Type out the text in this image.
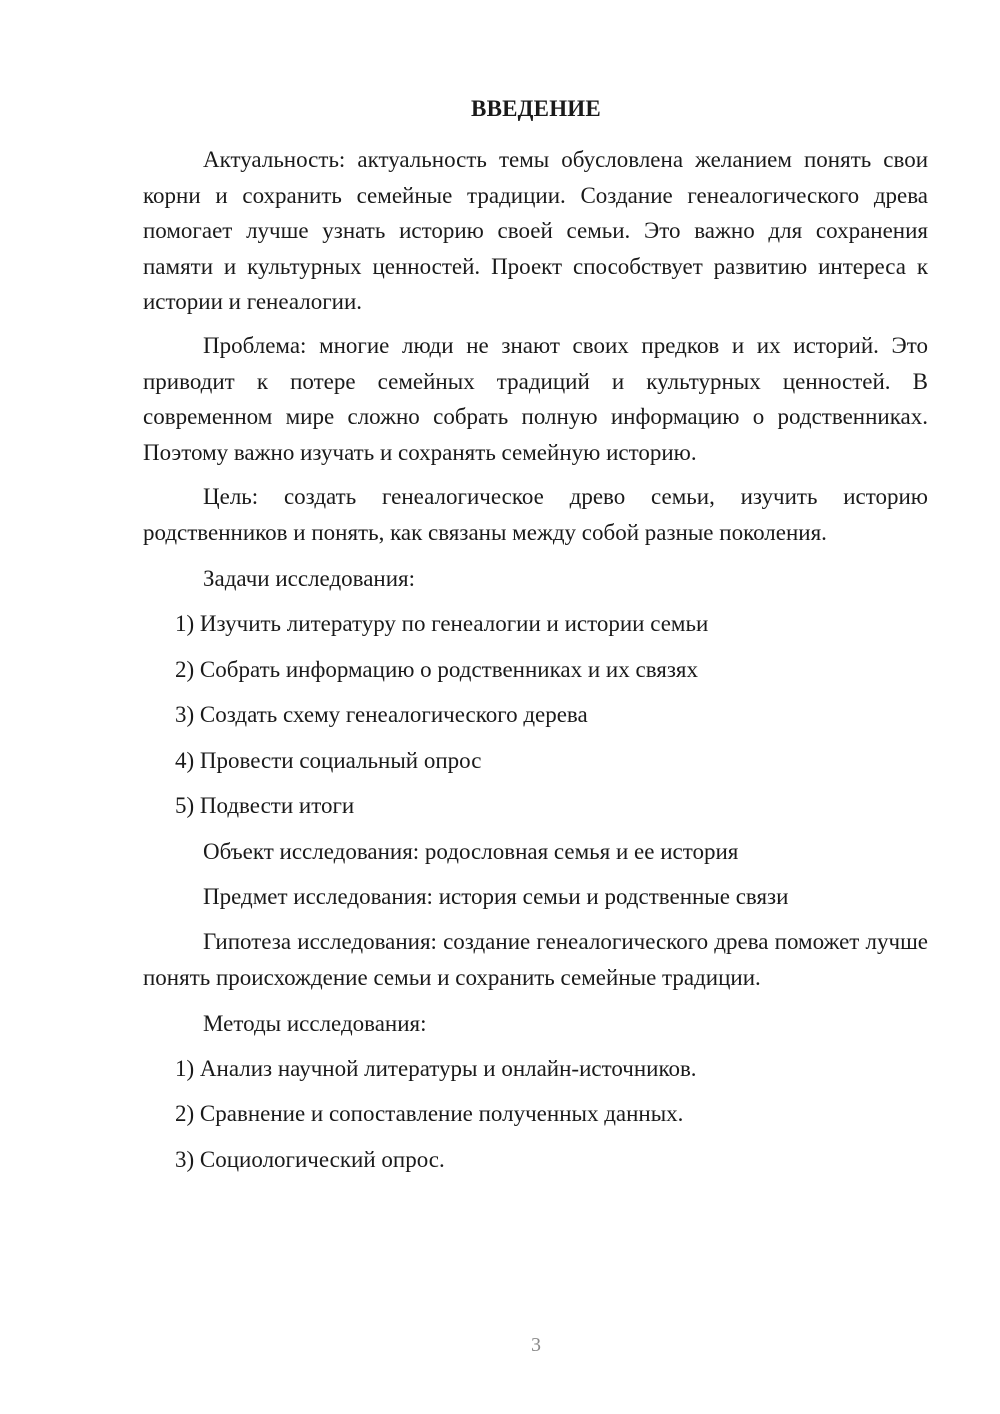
ВВЕДЕНИЕ

Актуальность: актуальность темы обусловлена желанием понять свои корни и сохранить семейные традиции. Создание генеалогического древа помогает лучше узнать историю своей семьи. Это важно для сохранения памяти и культурных ценностей. Проект способствует развитию интереса к истории и генеалогии.

Проблема: многие люди не знают своих предков и их историй. Это приводит к потере семейных традиций и культурных ценностей. В современном мире сложно собрать полную информацию о родственниках. Поэтому важно изучать и сохранять семейную историю.

Цель: создать генеалогическое древо семьи, изучить историю родственников и понять, как связаны между собой разные поколения.

Задачи исследования:
1) Изучить литературу по генеалогии и истории семьи
2) Собрать информацию о родственниках и их связях
3) Создать схему генеалогического дерева
4) Провести социальный опрос
5) Подвести итоги
Объект исследования: родословная семья и ее история
Предмет исследования: история семьи и родственные связи

Гипотеза исследования: создание генеалогического древа поможет лучше понять происхождение семьи и сохранить семейные традиции.

Методы исследования:
1) Анализ научной литературы и онлайн-источников.
2) Сравнение и сопоставление полученных данных.
3) Социологический опрос.
3
